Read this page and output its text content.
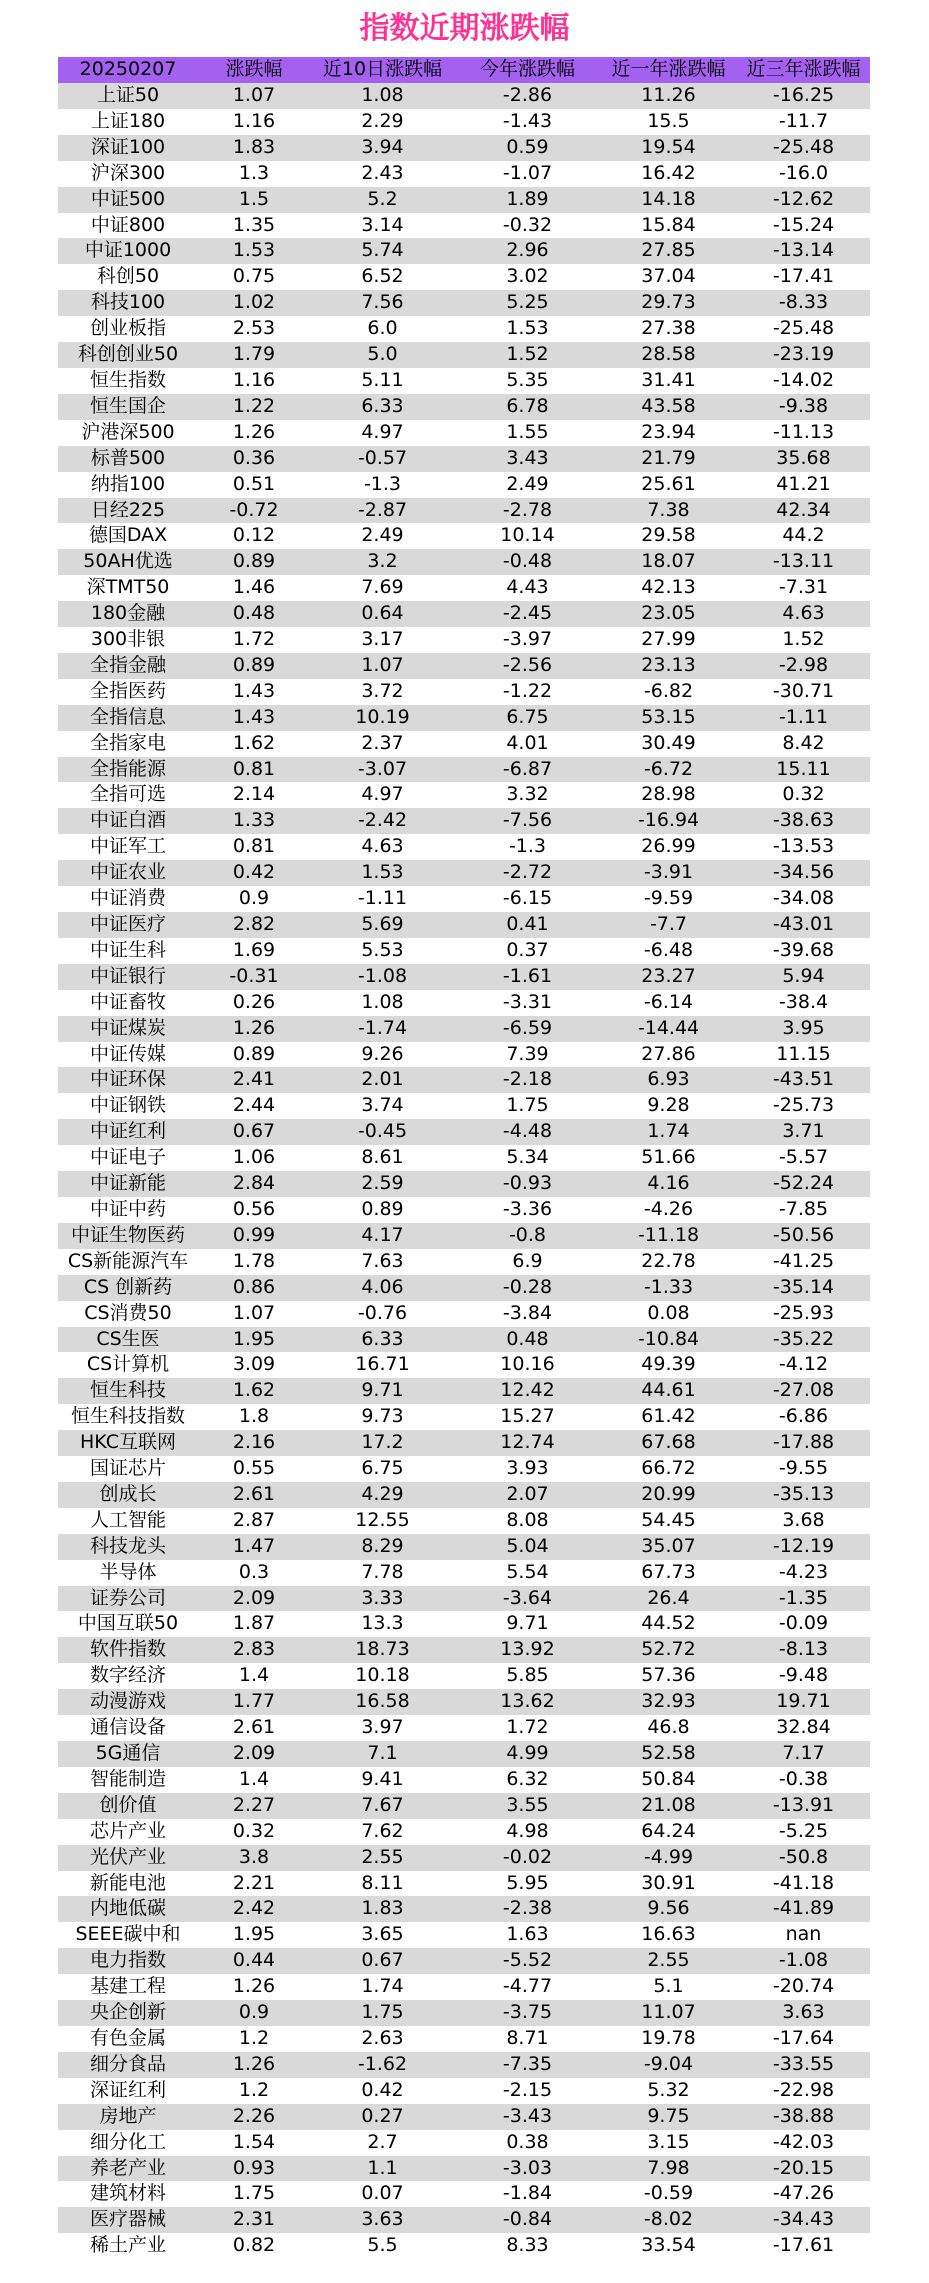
指数近期涨跌幅
20250207	涨跌幅	近10日涨跌幅	今年涨跌幅	近一年涨跌幅	近三年涨跌幅
上证50	1.07	1.08	-2.86	11.26	-16.25
上证180	1.16	2.29	-1.43	15.5	-11.7
深证100	1.83	3.94	0.59	19.54	-25.48
沪深300	1.3	2.43	-1.07	16.42	-16.0
中证500	1.5	5.2	1.89	14.18	-12.62
中证800	1.35	3.14	-0.32	15.84	-15.24
中证1000	1.53	5.74	2.96	27.85	-13.14
科创50	0.75	6.52	3.02	37.04	-17.41
科技100	1.02	7.56	5.25	29.73	-8.33
创业板指	2.53	6.0	1.53	27.38	-25.48
科创创业50	1.79	5.0	1.52	28.58	-23.19
恒生指数	1.16	5.11	5.35	31.41	-14.02
恒生国企	1.22	6.33	6.78	43.58	-9.38
沪港深500	1.26	4.97	1.55	23.94	-11.13
标普500	0.36	-0.57	3.43	21.79	35.68
纳指100	0.51	-1.3	2.49	25.61	41.21
日经225	-0.72	-2.87	-2.78	7.38	42.34
德国DAX	0.12	2.49	10.14	29.58	44.2
50AH优选	0.89	3.2	-0.48	18.07	-13.11
深TMT50	1.46	7.69	4.43	42.13	-7.31
180金融	0.48	0.64	-2.45	23.05	4.63
300非银	1.72	3.17	-3.97	27.99	1.52
全指金融	0.89	1.07	-2.56	23.13	-2.98
全指医药	1.43	3.72	-1.22	-6.82	-30.71
全指信息	1.43	10.19	6.75	53.15	-1.11
全指家电	1.62	2.37	4.01	30.49	8.42
全指能源	0.81	-3.07	-6.87	-6.72	15.11
全指可选	2.14	4.97	3.32	28.98	0.32
中证白酒	1.33	-2.42	-7.56	-16.94	-38.63
中证军工	0.81	4.63	-1.3	26.99	-13.53
中证农业	0.42	1.53	-2.72	-3.91	-34.56
中证消费	0.9	-1.11	-6.15	-9.59	-34.08
中证医疗	2.82	5.69	0.41	-7.7	-43.01
中证生科	1.69	5.53	0.37	-6.48	-39.68
中证银行	-0.31	-1.08	-1.61	23.27	5.94
中证畜牧	0.26	1.08	-3.31	-6.14	-38.4
中证煤炭	1.26	-1.74	-6.59	-14.44	3.95
中证传媒	0.89	9.26	7.39	27.86	11.15
中证环保	2.41	2.01	-2.18	6.93	-43.51
中证钢铁	2.44	3.74	1.75	9.28	-25.73
中证红利	0.67	-0.45	-4.48	1.74	3.71
中证电子	1.06	8.61	5.34	51.66	-5.57
中证新能	2.84	2.59	-0.93	4.16	-52.24
中证中药	0.56	0.89	-3.36	-4.26	-7.85
中证生物医药	0.99	4.17	-0.8	-11.18	-50.56
CS新能源汽车	1.78	7.63	6.9	22.78	-41.25
CS 创新药	0.86	4.06	-0.28	-1.33	-35.14
CS消费50	1.07	-0.76	-3.84	0.08	-25.93
CS生医	1.95	6.33	0.48	-10.84	-35.22
CS计算机	3.09	16.71	10.16	49.39	-4.12
恒生科技	1.62	9.71	12.42	44.61	-27.08
恒生科技指数	1.8	9.73	15.27	61.42	-6.86
HKC互联网	2.16	17.2	12.74	67.68	-17.88
国证芯片	0.55	6.75	3.93	66.72	-9.55
创成长	2.61	4.29	2.07	20.99	-35.13
人工智能	2.87	12.55	8.08	54.45	3.68
科技龙头	1.47	8.29	5.04	35.07	-12.19
半导体	0.3	7.78	5.54	67.73	-4.23
证券公司	2.09	3.33	-3.64	26.4	-1.35
中国互联50	1.87	13.3	9.71	44.52	-0.09
软件指数	2.83	18.73	13.92	52.72	-8.13
数字经济	1.4	10.18	5.85	57.36	-9.48
动漫游戏	1.77	16.58	13.62	32.93	19.71
通信设备	2.61	3.97	1.72	46.8	32.84
5G通信	2.09	7.1	4.99	52.58	7.17
智能制造	1.4	9.41	6.32	50.84	-0.38
创价值	2.27	7.67	3.55	21.08	-13.91
芯片产业	0.32	7.62	4.98	64.24	-5.25
光伏产业	3.8	2.55	-0.02	-4.99	-50.8
新能电池	2.21	8.11	5.95	30.91	-41.18
内地低碳	2.42	1.83	-2.38	9.56	-41.89
SEEE碳中和	1.95	3.65	1.63	16.63	nan
电力指数	0.44	0.67	-5.52	2.55	-1.08
基建工程	1.26	1.74	-4.77	5.1	-20.74
央企创新	0.9	1.75	-3.75	11.07	3.63
有色金属	1.2	2.63	8.71	19.78	-17.64
细分食品	1.26	-1.62	-7.35	-9.04	-33.55
深证红利	1.2	0.42	-2.15	5.32	-22.98
房地产	2.26	0.27	-3.43	9.75	-38.88
细分化工	1.54	2.7	0.38	3.15	-42.03
养老产业	0.93	1.1	-3.03	7.98	-20.15
建筑材料	1.75	0.07	-1.84	-0.59	-47.26
医疗器械	2.31	3.63	-0.84	-8.02	-34.43
稀土产业	0.82	5.5	8.33	33.54	-17.61
